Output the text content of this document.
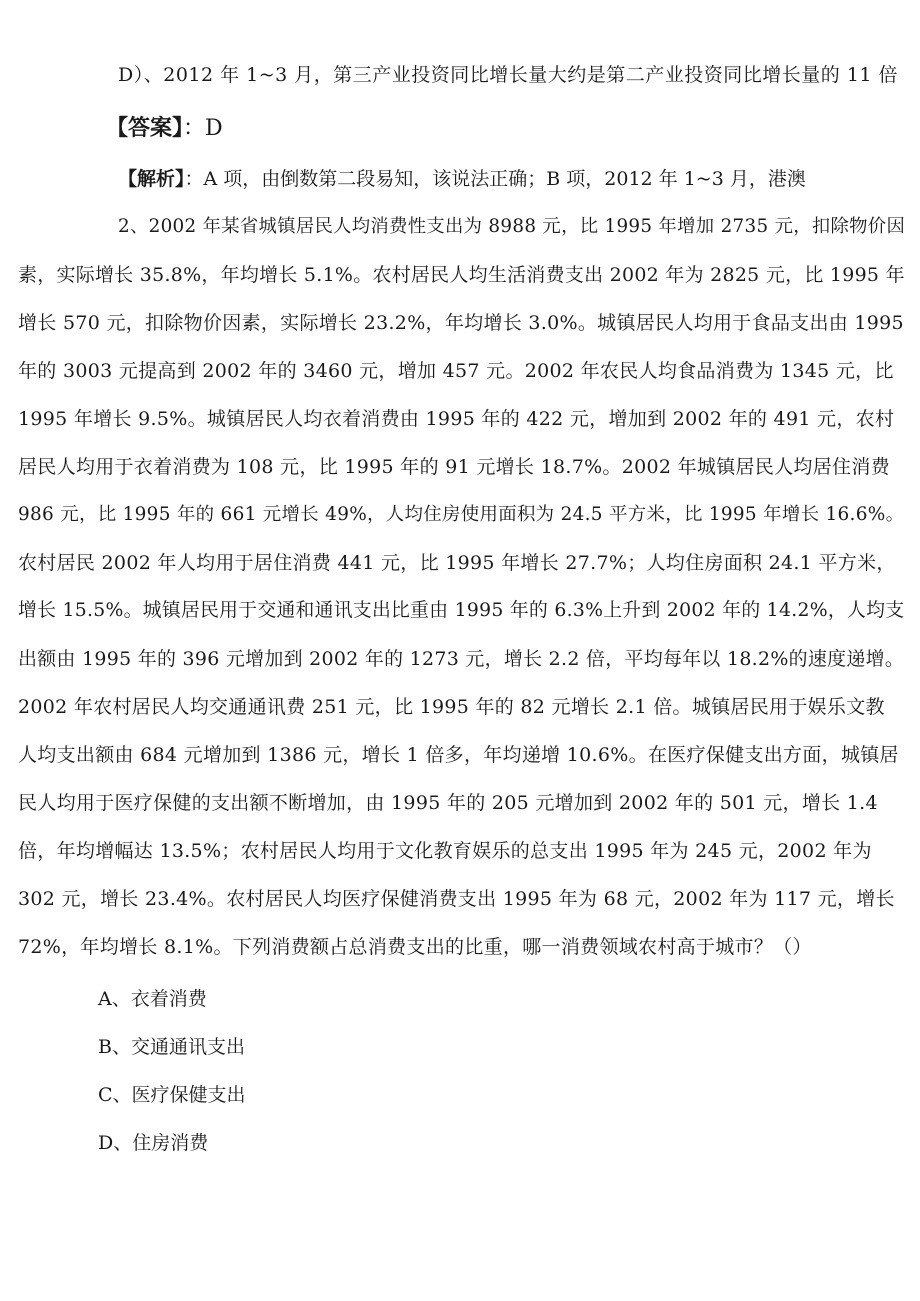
D）、2012 年 1~3 月，第三产业投资同比增长量大约是第二产业投资同比增长量的 11 倍
【答案】：D
【解析】：A 项，由倒数第二段易知，该说法正确；B 项，2012 年 1~3 月，港澳
2、2002 年某省城镇居民人均消费性支出为 8988 元，比 1995 年增加 2735 元，扣除物价因
素，实际增长 35.8%，年均增长 5.1%。农村居民人均生活消费支出 2002 年为 2825 元，比 1995 年
增长 570 元，扣除物价因素，实际增长 23.2%，年均增长 3.0%。城镇居民人均用于食品支出由 1995
年的 3003 元提高到 2002 年的 3460 元，增加 457 元。2002 年农民人均食品消费为 1345 元，比
1995 年增长 9.5%。城镇居民人均衣着消费由 1995 年的 422 元，增加到 2002 年的 491 元，农村
居民人均用于衣着消费为 108 元，比 1995 年的 91 元增长 18.7%。2002 年城镇居民人均居住消费
986 元，比 1995 年的 661 元增长 49%，人均住房使用面积为 24.5 平方米，比 1995 年增长 16.6%。
农村居民 2002 年人均用于居住消费 441 元，比 1995 年增长 27.7%；人均住房面积 24.1 平方米，
增长 15.5%。城镇居民用于交通和通讯支出比重由 1995 年的 6.3%上升到 2002 年的 14.2%，人均支
出额由 1995 年的 396 元增加到 2002 年的 1273 元，增长 2.2 倍，平均每年以 18.2%的速度递增。
2002 年农村居民人均交通通讯费 251 元，比 1995 年的 82 元增长 2.1 倍。城镇居民用于娱乐文教
人均支出额由 684 元增加到 1386 元，增长 1 倍多，年均递增 10.6%。在医疗保健支出方面，城镇居
民人均用于医疗保健的支出额不断增加，由 1995 年的 205 元增加到 2002 年的 501 元，增长 1.4
倍，年均增幅达 13.5%；农村居民人均用于文化教育娱乐的总支出 1995 年为 245 元，2002 年为
302 元，增长 23.4%。农村居民人均医疗保健消费支出 1995 年为 68 元，2002 年为 117 元，增长
72%，年均增长 8.1%。下列消费额占总消费支出的比重，哪一消费领域农村高于城市？（）
A、衣着消费
B、交通通讯支出
C、医疗保健支出
D、住房消费
